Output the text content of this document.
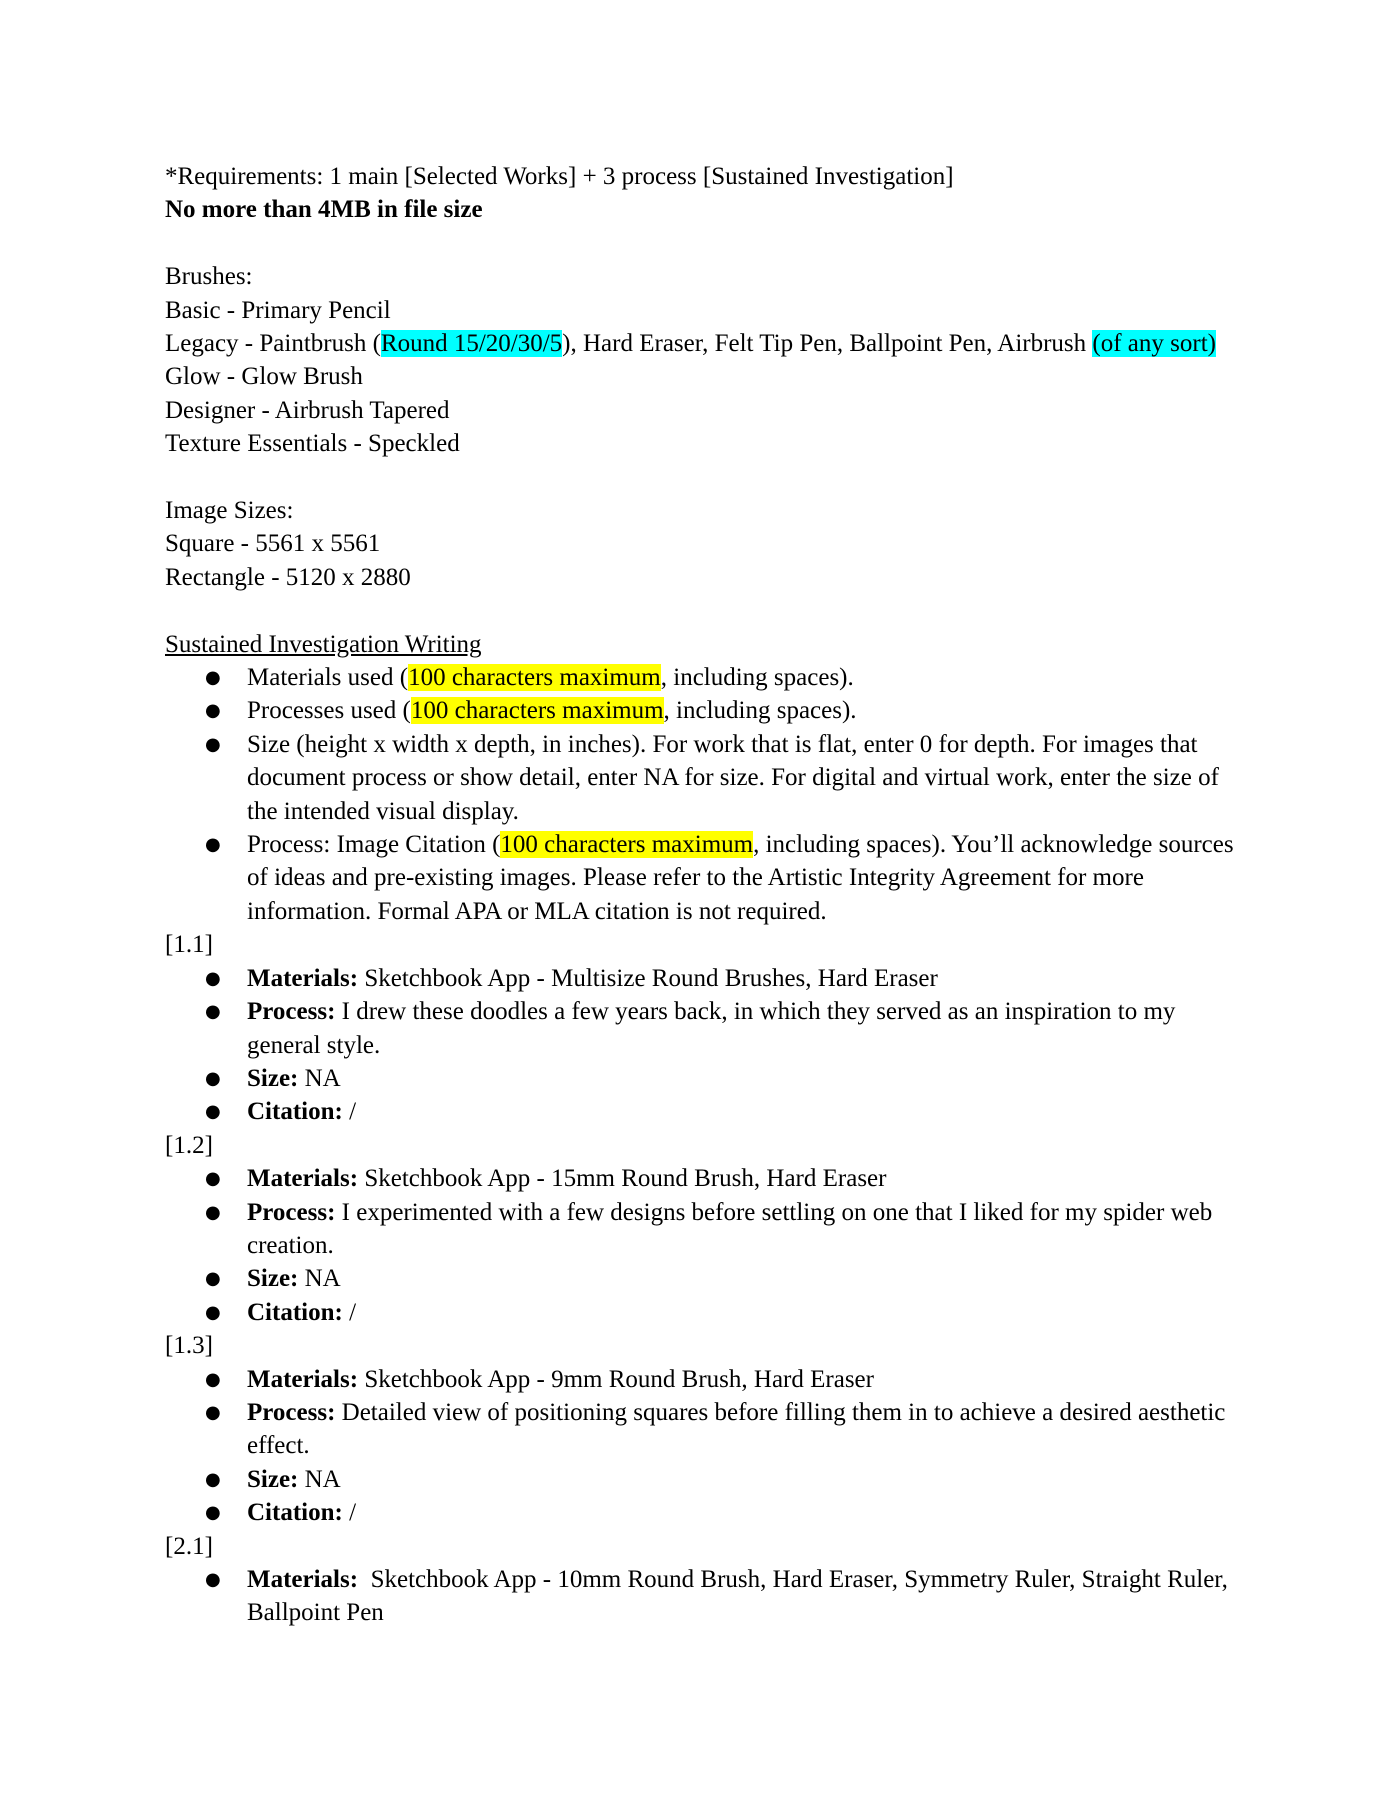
*Requirements: 1 main [Selected Works] + 3 process [Sustained Investigation]
No more than 4MB in file size
Brushes:
Basic - Primary Pencil
Legacy - Paintbrush (Round 15/20/30/5), Hard Eraser, Felt Tip Pen, Ballpoint Pen, Airbrush (of any sort)
Glow - Glow Brush
Designer - Airbrush Tapered
Texture Essentials - Speckled
Image Sizes:
Square - 5561 x 5561
Rectangle - 5120 x 2880
Sustained Investigation Writing
● Materials used (100 characters maximum, including spaces).
● Processes used (100 characters maximum, including spaces).
● Size (height x width x depth, in inches). For work that is flat, enter 0 for depth. For images that document process or show detail, enter NA for size. For digital and virtual work, enter the size of the intended visual display.
● Process: Image Citation (100 characters maximum, including spaces). You’ll acknowledge sources of ideas and pre-existing images. Please refer to the Artistic Integrity Agreement for more information. Formal APA or MLA citation is not required.
[1.1]
● Materials: Sketchbook App - Multisize Round Brushes, Hard Eraser
● Process: I drew these doodles a few years back, in which they served as an inspiration to my general style.
● Size: NA
● Citation: /
[1.2]
● Materials: Sketchbook App - 15mm Round Brush, Hard Eraser
● Process: I experimented with a few designs before settling on one that I liked for my spider web creation.
● Size: NA
● Citation: /
[1.3]
● Materials: Sketchbook App - 9mm Round Brush, Hard Eraser
● Process: Detailed view of positioning squares before filling them in to achieve a desired aesthetic effect.
● Size: NA
● Citation: /
[2.1]
● Materials:  Sketchbook App - 10mm Round Brush, Hard Eraser, Symmetry Ruler, Straight Ruler, Ballpoint Pen
